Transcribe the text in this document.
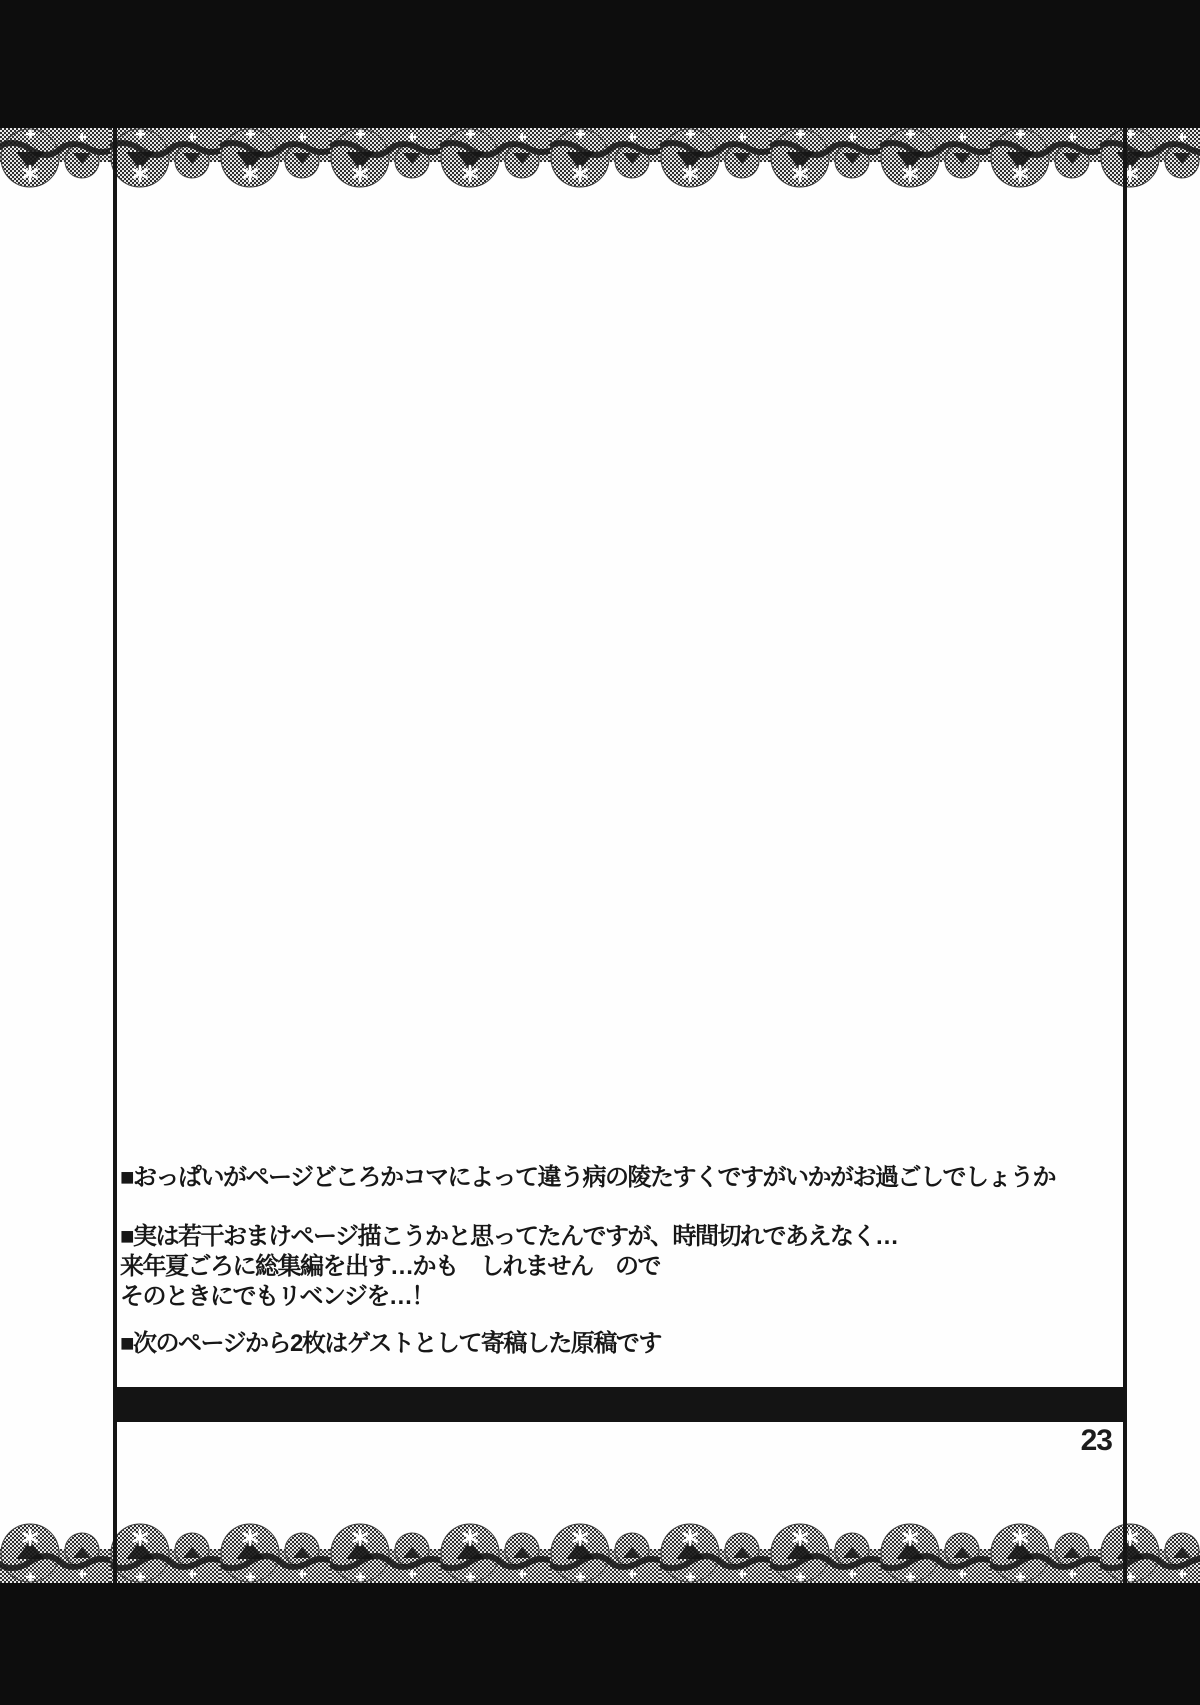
■おっぱいがページどころかコマによって違う病の陵たすくですがいかがお過ごしでしょうか
■実は若干おまけページ描こうかと思ってたんですが、時間切れであえなく…
来年夏ごろに総集編を出す…かも　しれません　ので
そのときにでもリベンジを…！
■次のページから2枚はゲストとして寄稿した原稿です
23
